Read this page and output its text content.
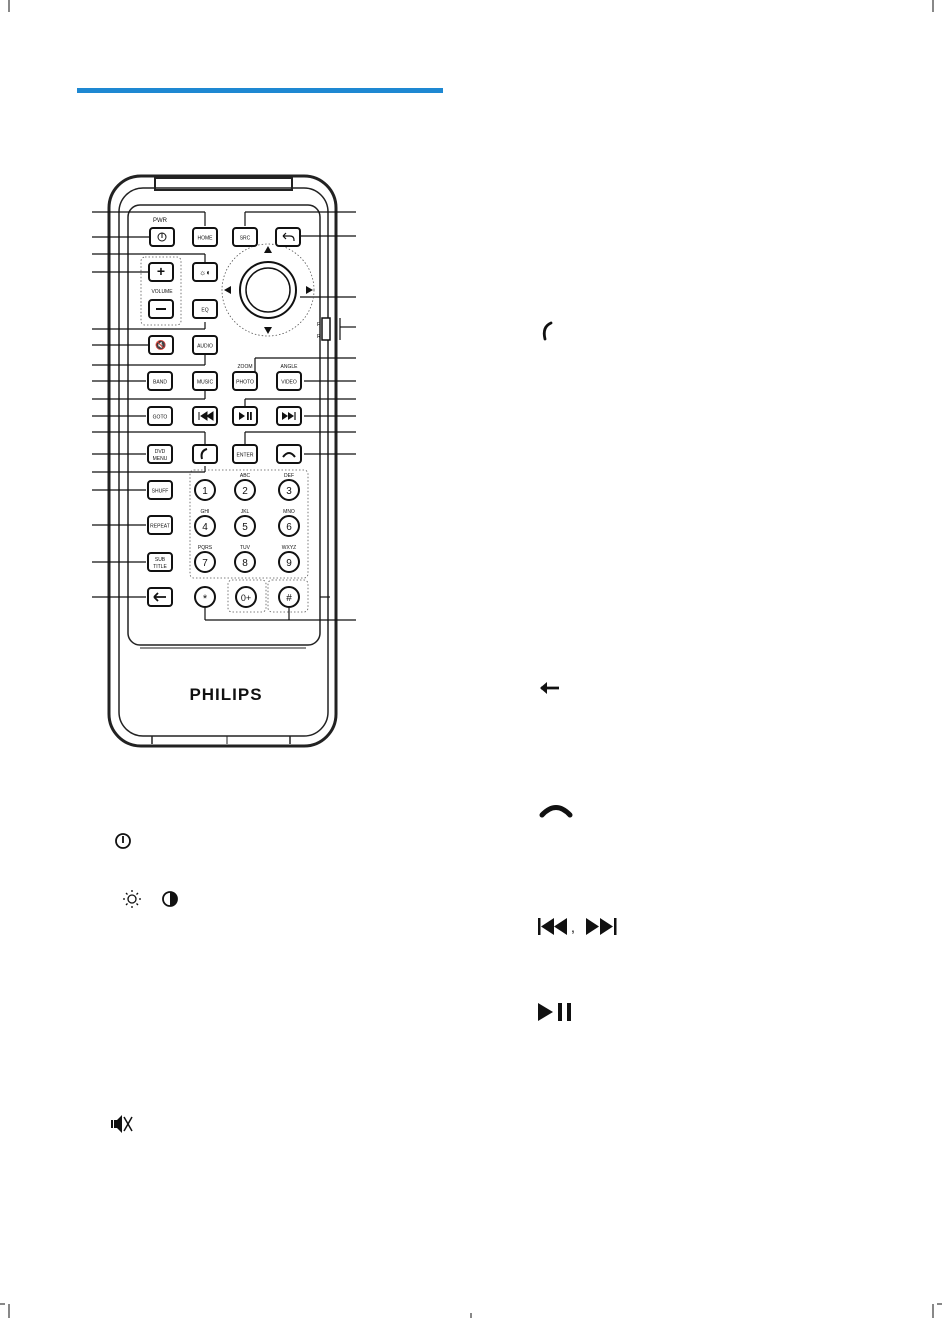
PHILIPS
F
R
PWR
HOME	SRC
+
VOLUME
☼◐
EQ
🔇	AUDIO
ZOOM	ANGLE
BAND	MUSIC	PHOTO	VIDEO
GOTO
DVD
MENU
ENTER
SHUFF
REPEAT
SUB
TITLE
1
ABC
2
DEF
3
GHI
4
JKL
5
MNO
6
PQRS
7
TUV
8
WXYZ
9
*	0+	#
,
